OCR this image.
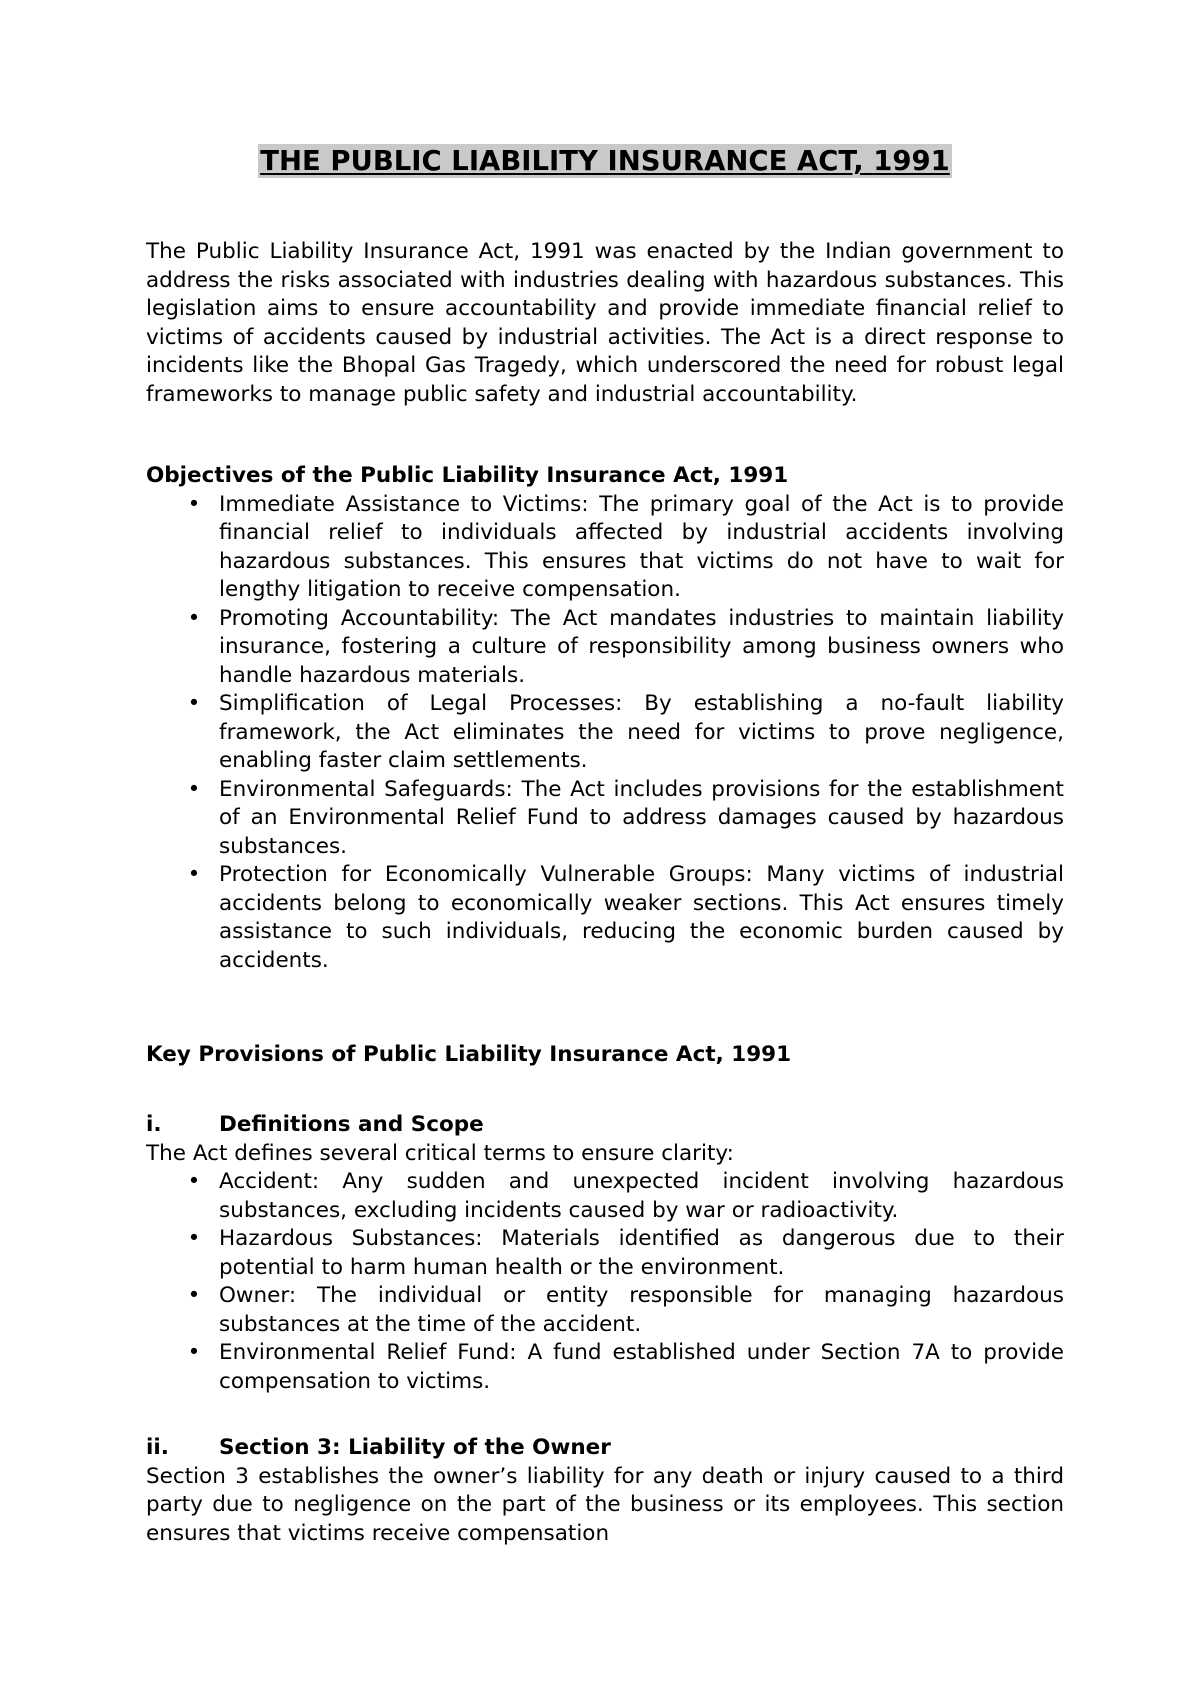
THE PUBLIC LIABILITY INSURANCE ACT, 1991

The Public Liability Insurance Act, 1991 was enacted by the Indian government to address the risks associated with industries dealing with hazardous substances. This legislation aims to ensure accountability and provide immediate financial relief to victims of accidents caused by industrial activities. The Act is a direct response to incidents like the Bhopal Gas Tragedy, which underscored the need for robust legal frameworks to manage public safety and industrial accountability.

Objectives of the Public Liability Insurance Act, 1991

• Immediate Assistance to Victims: The primary goal of the Act is to provide financial relief to individuals affected by industrial accidents involving hazardous substances. This ensures that victims do not have to wait for lengthy litigation to receive compensation.
• Promoting Accountability: The Act mandates industries to maintain liability insurance, fostering a culture of responsibility among business owners who handle hazardous materials.
• Simplification of Legal Processes: By establishing a no-fault liability framework, the Act eliminates the need for victims to prove negligence, enabling faster claim settlements.
• Environmental Safeguards: The Act includes provisions for the establishment of an Environmental Relief Fund to address damages caused by hazardous substances.
• Protection for Economically Vulnerable Groups: Many victims of industrial accidents belong to economically weaker sections. This Act ensures timely assistance to such individuals, reducing the economic burden caused by accidents.

Key Provisions of Public Liability Insurance Act, 1991

i.	Definitions and Scope

The Act defines several critical terms to ensure clarity:

• Accident: Any sudden and unexpected incident involving hazardous substances, excluding incidents caused by war or radioactivity.
• Hazardous Substances: Materials identified as dangerous due to their potential to harm human health or the environment.
• Owner: The individual or entity responsible for managing hazardous substances at the time of the accident.
• Environmental Relief Fund: A fund established under Section 7A to provide compensation to victims.
ii. Section 3: Liability of the Owner

Section 3 establishes the owner’s liability for any death or injury caused to a third party due to negligence on the part of the business or its employees. This section ensures that victims receive compensation
